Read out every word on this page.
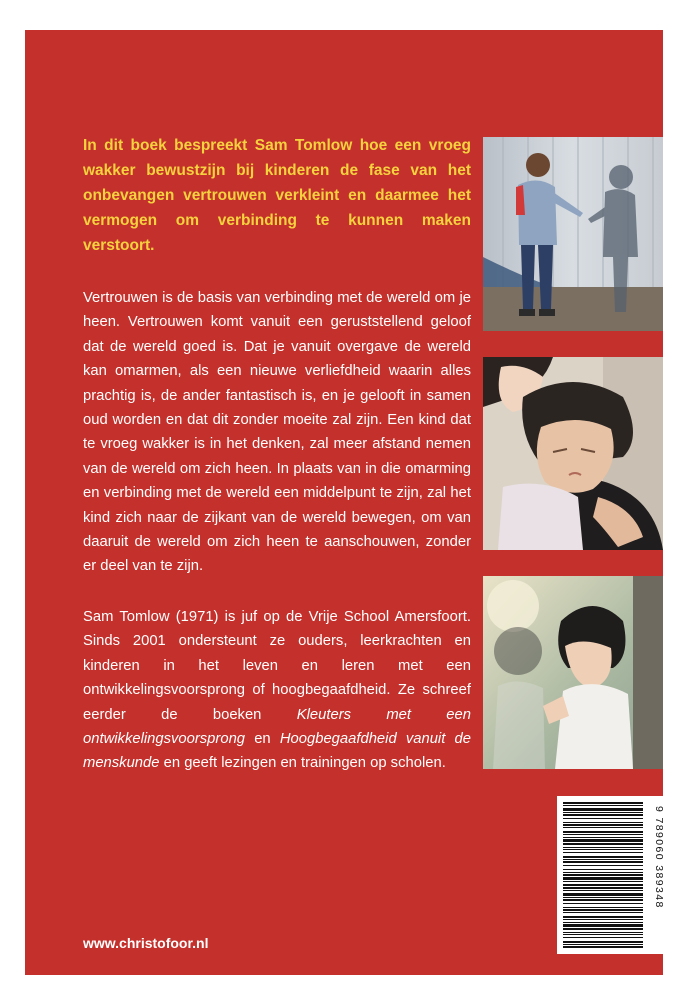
In dit boek bespreekt Sam Tomlow hoe een vroeg wakker bewustzijn bij kinderen de fase van het onbevangen vertrouwen verkleint en daarmee het vermogen om verbinding te kunnen maken verstoort.

Vertrouwen is de basis van verbinding met de wereld om je heen. Vertrouwen komt vanuit een geruststellend geloof dat de wereld goed is. Dat je vanuit overgave de wereld kan omarmen, als een nieuwe verliefdheid waarin alles prachtig is, de ander fantastisch is, en je gelooft in samen oud worden en dat dit zonder moeite zal zijn. Een kind dat te vroeg wakker is in het denken, zal meer afstand nemen van de wereld om zich heen. In plaats van in die omarming en verbinding met de wereld een middelpunt te zijn, zal het kind zich naar de zijkant van de wereld bewegen, om van daaruit de wereld om zich heen te aanschouwen, zonder er deel van te zijn.

Sam Tomlow (1971) is juf op de Vrije School Amersfoort. Sinds 2001 ondersteunt ze ouders, leerkrachten en kinderen in het leven en leren met een ontwikkelingsvoorsprong of hoogbegaafdheid. Ze schreef eerder de boeken Kleuters met een ontwikkelingsvoorsprong en Hoogbegaafdheid vanuit de menskunde en geeft lezingen en trainingen op scholen.

www.christofoor.nl
9 789060 389348
